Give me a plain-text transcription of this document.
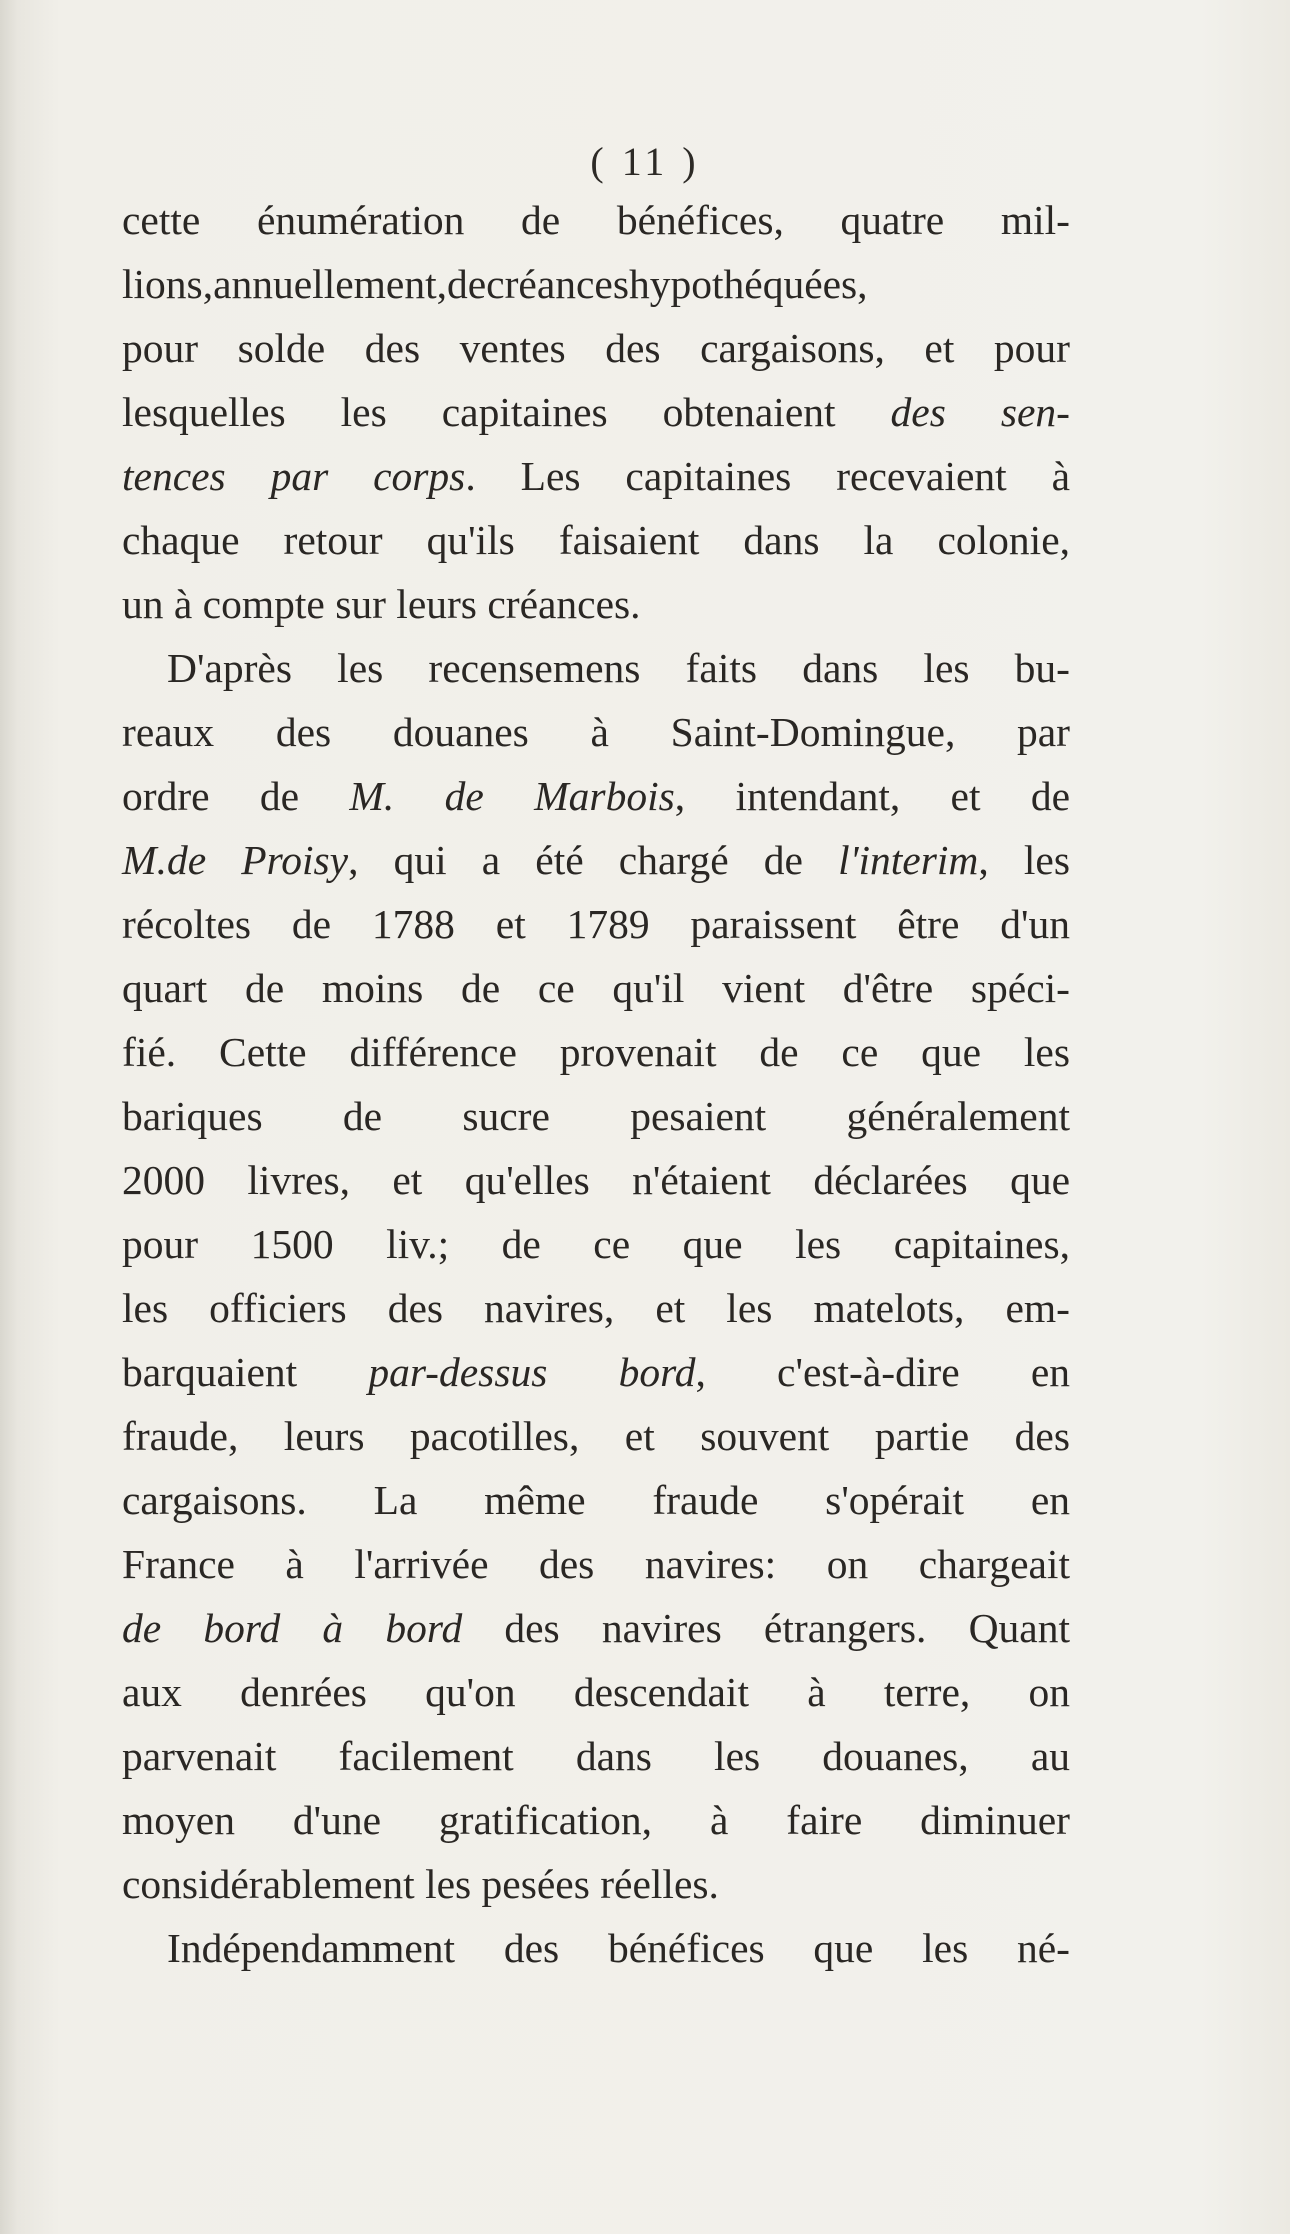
( 11 )
cette énumération de bénéfices, quatre mil-
lions,annuellement,decréanceshypothéquées,
pour solde des ventes des cargaisons, et pour
lesquelles les capitaines obtenaient des sen-
tences par corps. Les capitaines recevaient à
chaque retour qu'ils faisaient dans la colonie,
un à compte sur leurs créances.
D'après les recensemens faits dans les bu-
reaux des douanes à Saint-Domingue, par
ordre de M. de Marbois, intendant, et de
M.de Proisy, qui a été chargé de l'interim, les
récoltes de 1788 et 1789 paraissent être d'un
quart de moins de ce qu'il vient d'être spéci-
fié. Cette différence provenait de ce que les
bariques de sucre pesaient généralement
2000 livres, et qu'elles n'étaient déclarées que
pour 1500 liv.; de ce que les capitaines,
les officiers des navires, et les matelots, em-
barquaient par-dessus bord, c'est-à-dire en
fraude, leurs pacotilles, et souvent partie des
cargaisons. La même fraude s'opérait en
France à l'arrivée des navires: on chargeait
de bord à bord des navires étrangers. Quant
aux denrées qu'on descendait à terre, on
parvenait facilement dans les douanes, au
moyen d'une gratification, à faire diminuer
considérablement les pesées réelles.
Indépendamment des bénéfices que les né-
